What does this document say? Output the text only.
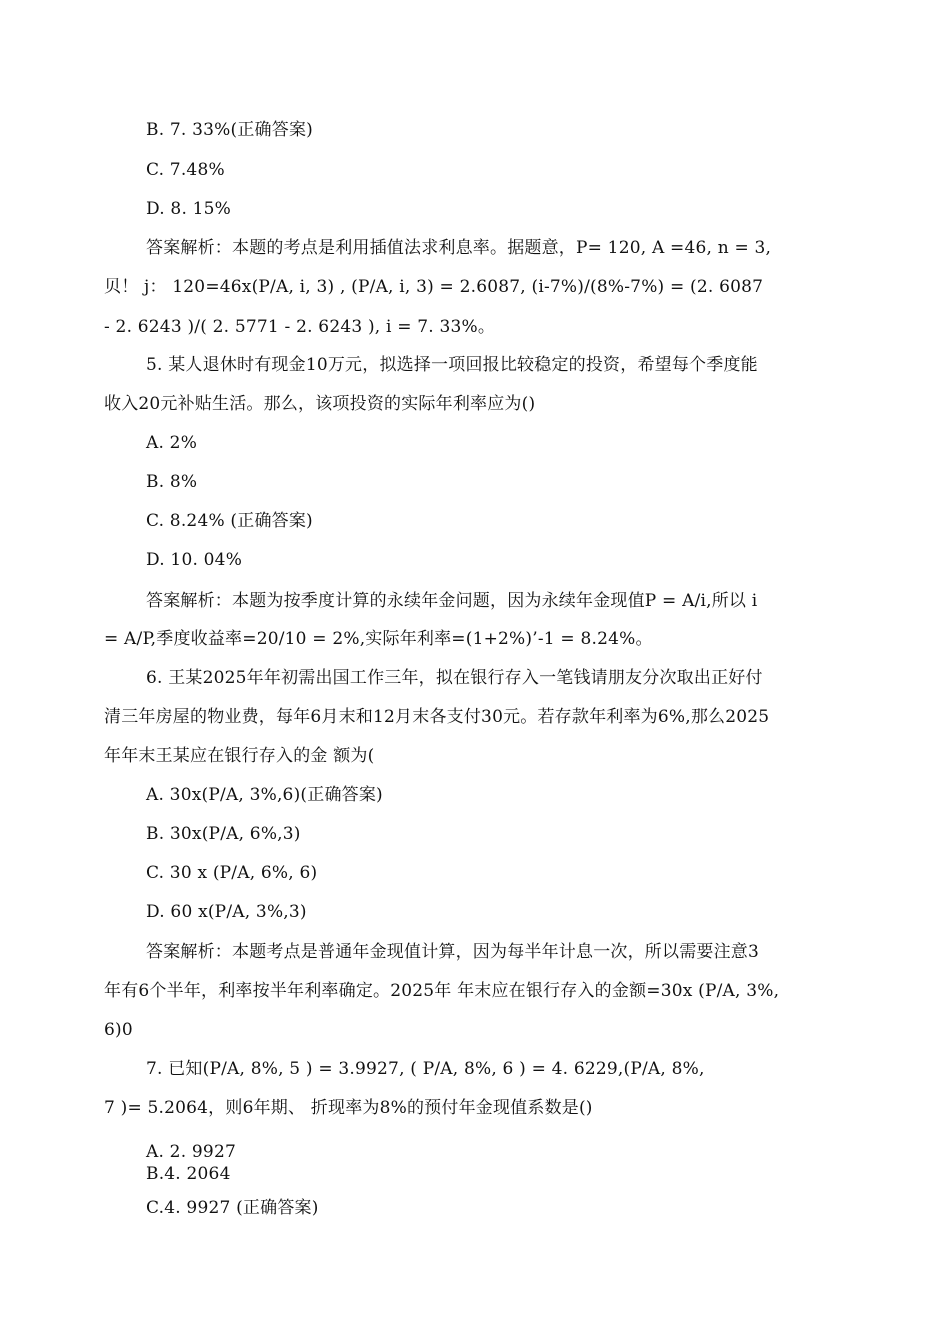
B. 7. 33%(正确答案)
C. 7.48%
D. 8. 15%
答案解析：本题的考点是利用插值法求利息率。据题意，P= 120, A =46, n = 3,
贝！ j： 120=46x(P/A, i, 3) , (P/A, i, 3) = 2.6087, (i-7%)/(8%-7%) = (2. 6087
- 2. 6243 )/( 2. 5771 - 2. 6243 ), i = 7. 33%。
5. 某人退休时有现金10万元，拟选择一项回报比较稳定的投资，希望每个季度能
收入20元补贴生活。那么，该项投资的实际年利率应为()
A. 2%
B. 8%
C. 8.24% (正确答案)
D. 10. 04%
答案解析：本题为按季度计算的永续年金问题，因为永续年金现值P = A/i,所以 i
= A/P,季度收益率=20/10 = 2%,实际年利率=(1+2%)’-1 = 8.24%。
6. 王某2025年年初需出国工作三年，拟在银行存入一笔钱请朋友分次取出正好付
清三年房屋的物业费，每年6月末和12月末各支付30元。若存款年利率为6%,那么2025
年年末王某应在银行存入的金 额为(
A. 30x(P/A, 3%,6)(正确答案)
B. 30x(P/A, 6%,3)
C. 30 x (P/A, 6%, 6)
D. 60 x(P/A, 3%,3)
答案解析：本题考点是普通年金现值计算，因为每半年计息一次，所以需要注意3
年有6个半年，利率按半年利率确定。2025年 年末应在银行存入的金额=30x (P/A, 3%,
6)0
7. 已知(P/A, 8%, 5 ) = 3.9927, ( P/A, 8%, 6 ) = 4. 6229,(P/A, 8%,
7 )= 5.2064，则6年期、 折现率为8%的预付年金现值系数是()
A. 2. 9927
B.4. 2064
C.4. 9927 (正确答案)
